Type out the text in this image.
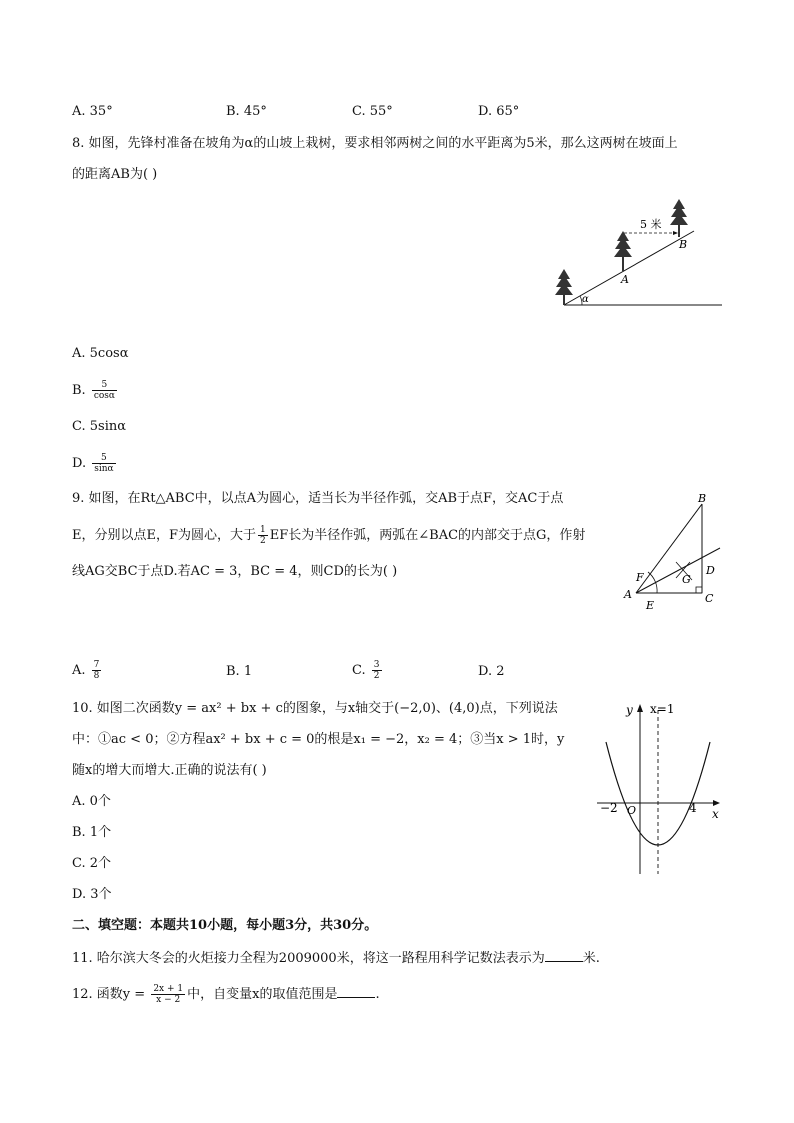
A. 35°	B. 45°	C. 55°	D. 65°
8. 如图，先锋村准备在坡角为α的山坡上栽树，要求相邻两树之间的水平距离为5米，那么这两树在坡面上
的距离AB为( )
α
5 米
A
B
A. 5cosα
B. $\frac{5}{\cos\alpha}$
C. 5sinα
D. $\frac{5}{\sin\alpha}$
9. 如图，在Rt△ABC中，以点A为圆心，适当长为半径作弧，交AB于点F，交AC于点
E，分别以点E，F为圆心，大于 $\frac{1}{2}$ EF长为半径作弧，两弧在∠BAC的内部交于点G，作射
线AG交BC于点D.若AC = 3，BC = 4，则CD的长为( )
B
A	C
D
E
F	G
A. $\frac{7}{8}$	B. 1	C. $\frac{3}{2}$	D. 2
10. 如图二次函数y = ax² + bx + c的图象，与x轴交于(−2,0)、(4,0)点，下列说法
中：①ac < 0；②方程ax² + bx + c = 0的根是x₁ = −2，x₂ = 4；③当x > 1时，y
随x的增大而增大.正确的说法有( )
y
x
x=1
O
−2	4
A. 0个
B. 1个
C. 2个
D. 3个
二、填空题：本题共10小题，每小题3分，共30分。
11. 哈尔滨大冬会的火炬接力全程为2009000米，将这一路程用科学记数法表示为	米.
12. 函数$y = \frac{2x + 1}{x - 2}$ 中，自变量x的取值范围是	.
